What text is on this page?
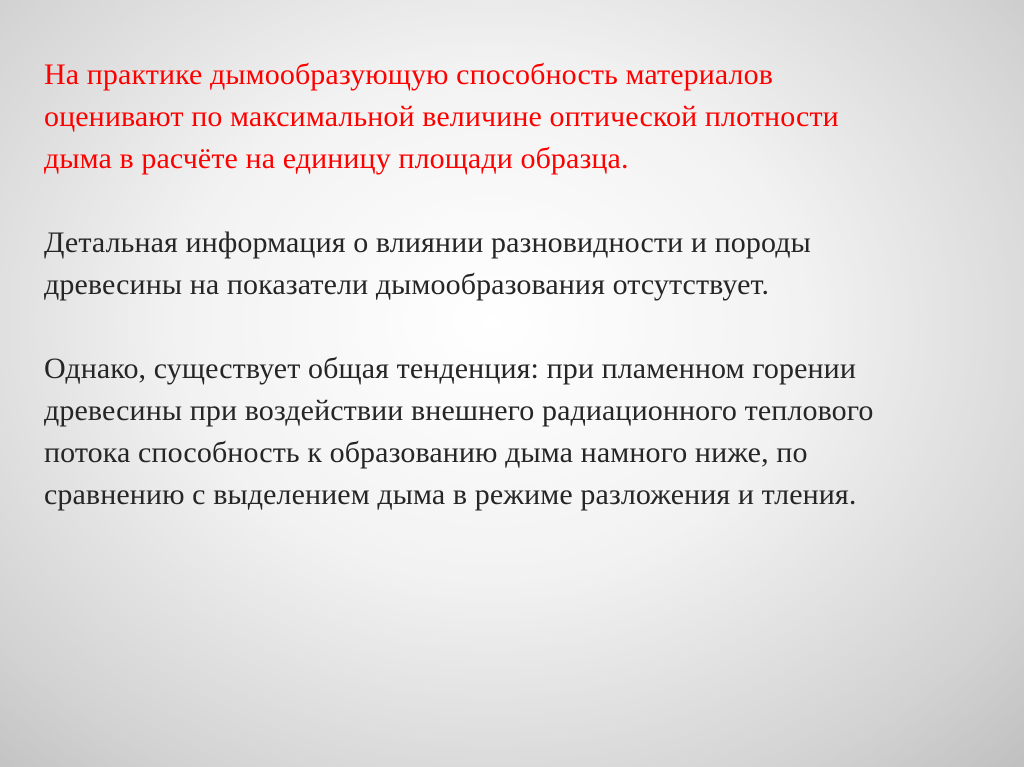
На практике дымообразующую способность материалов
оценивают по максимальной величине оптической плотности
дыма в расчёте на единицу площади образца.

Детальная информация о влиянии разновидности и породы
древесины на показатели дымообразования отсутствует.

Однако, существует общая тенденция: при пламенном горении
древесины при воздействии внешнего радиационного теплового
потока способность к образованию дыма намного ниже, по
сравнению с выделением дыма в режиме разложения и тления.
